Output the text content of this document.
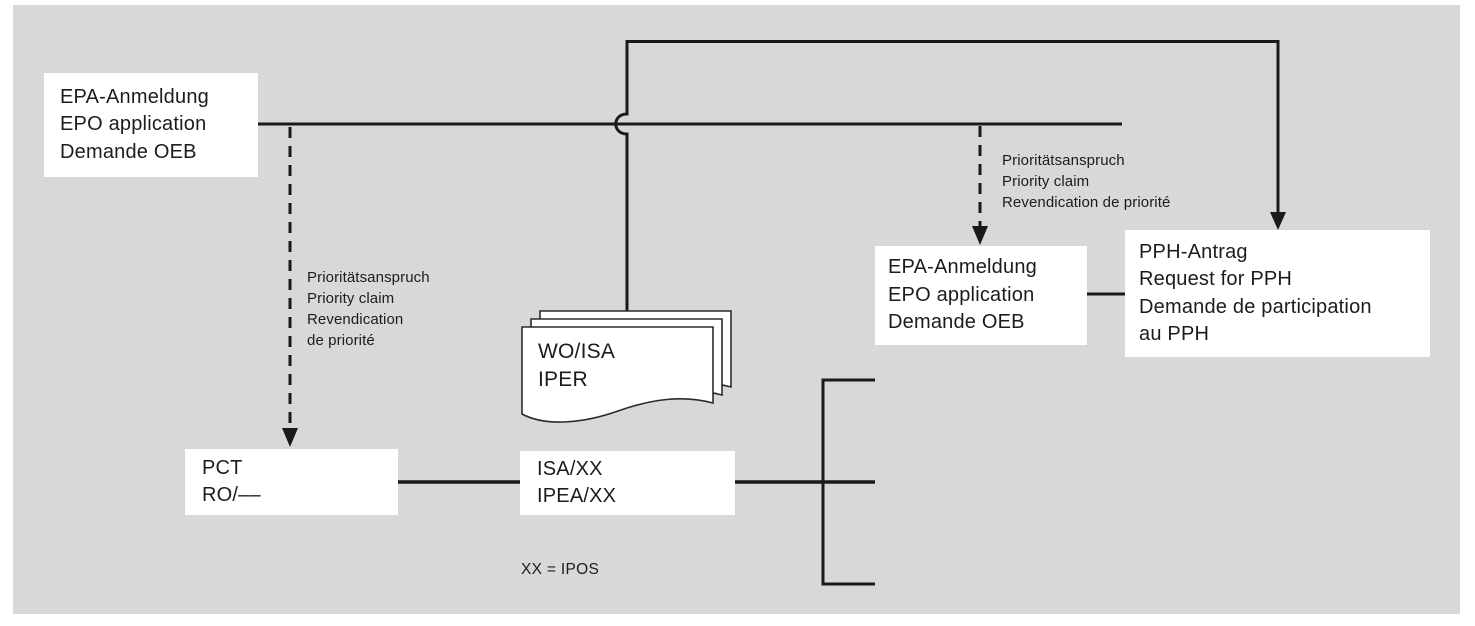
EPA-Anmeldung
EPO application
Demande OEB
PCT
RO/––
ISA/XX
IPEA/XX
EPA-Anmeldung
EPO application
Demande OEB
PPH-Antrag
Request for PPH
Demande de participation
au PPH
WO/ISA
IPER
Prioritätsanspruch
Priority claim
Revendication
de priorité
Prioritätsanspruch
Priority claim
Revendication de priorité
XX = IPOS
